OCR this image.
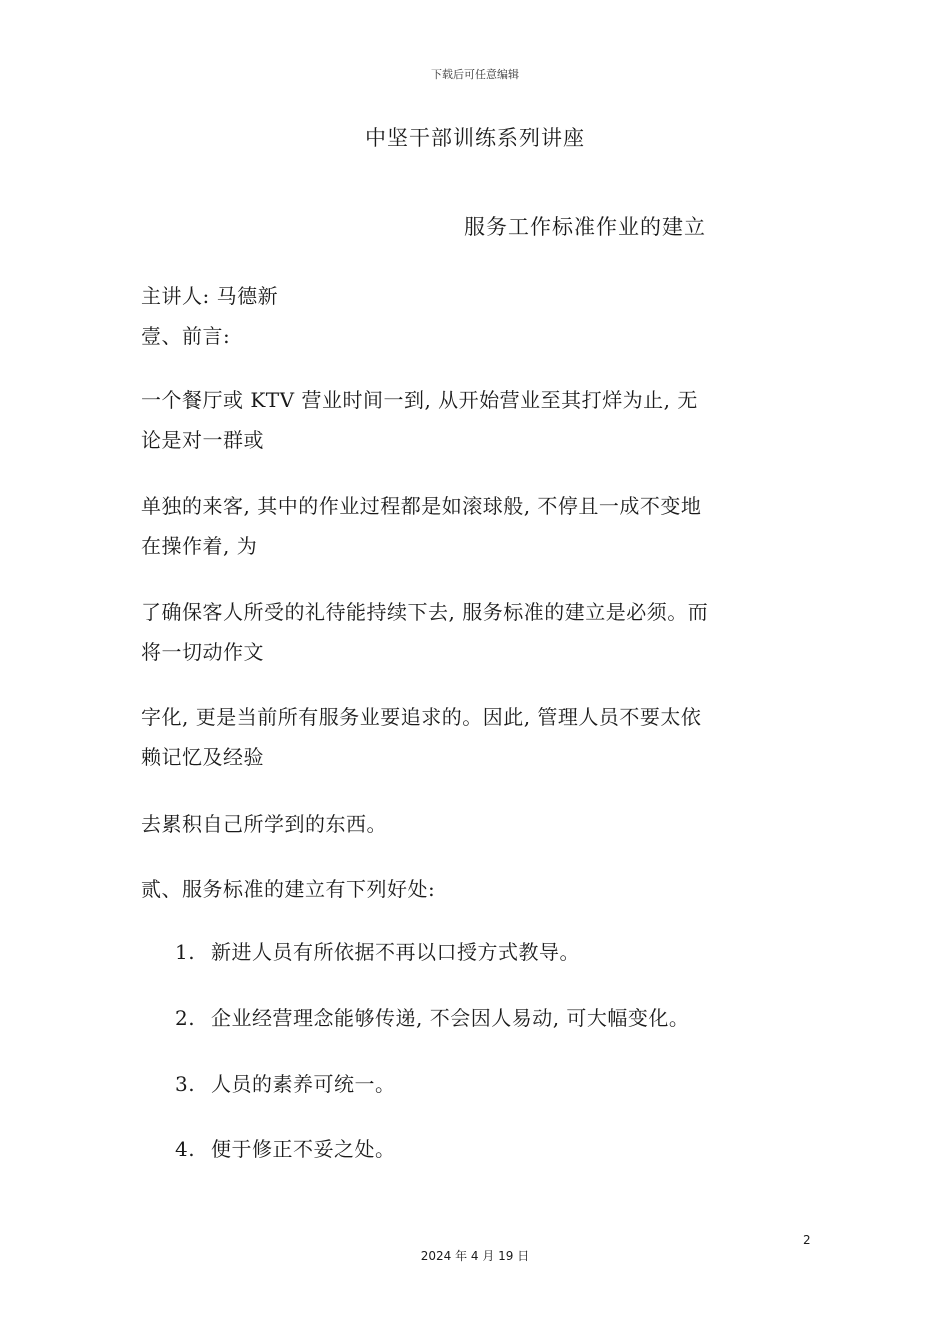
下载后可任意编辑
中坚干部训练系列讲座
服务工作标准作业的建立
主讲人: 马德新
壹、前言:
一个餐厅或 KTV 营业时间一到, 从开始营业至其打烊为止, 无
论是对一群或
单独的来客, 其中的作业过程都是如滚球般, 不停且一成不变地
在操作着, 为
了确保客人所受的礼待能持续下去, 服务标准的建立是必须。而
将一切动作文
字化, 更是当前所有服务业要追求的。因此, 管理人员不要太依
赖记忆及经验
去累积自己所学到的东西。
贰、服务标准的建立有下列好处:
1. 新进人员有所依据不再以口授方式教导。
2. 企业经营理念能够传递, 不会因人易动, 可大幅变化。
3. 人员的素养可统一。
4. 便于修正不妥之处。
2
2024 年 4 月 19 日
